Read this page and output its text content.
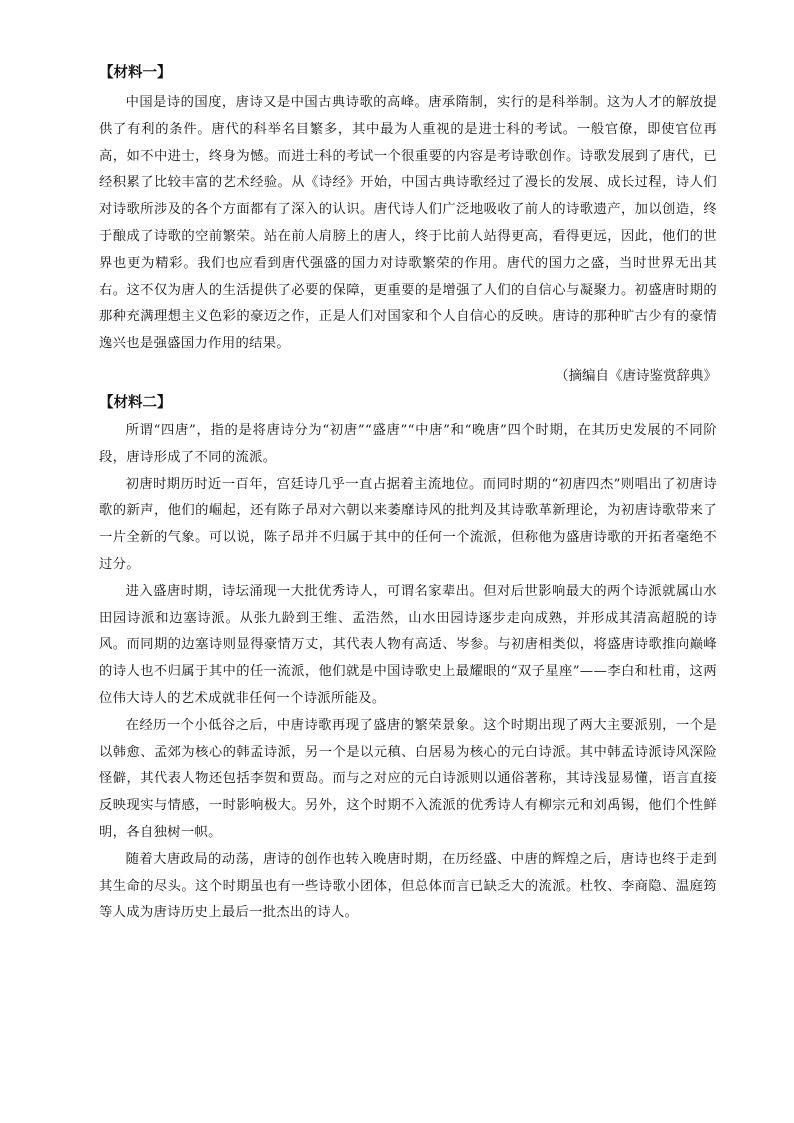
【材料一】

中国是诗的国度，唐诗又是中国古典诗歌的高峰。唐承隋制，实行的是科举制。这为人才的解放提供了有利的条件。唐代的科举名目繁多，其中最为人重视的是进士科的考试。一般官僚，即使官位再高，如不中进士，终身为憾。而进士科的考试一个很重要的内容是考诗歌创作。诗歌发展到了唐代，已经积累了比较丰富的艺术经验。从《诗经》开始，中国古典诗歌经过了漫长的发展、成长过程，诗人们对诗歌所涉及的各个方面都有了深入的认识。唐代诗人们广泛地吸收了前人的诗歌遗产，加以创造，终于酿成了诗歌的空前繁荣。站在前人肩膀上的唐人，终于比前人站得更高，看得更远，因此，他们的世界也更为精彩。我们也应看到唐代强盛的国力对诗歌繁荣的作用。唐代的国力之盛，当时世界无出其右。这不仅为唐人的生活提供了必要的保障，更重要的是增强了人们的自信心与凝聚力。初盛唐时期的那种充满理想主义色彩的豪迈之作，正是人们对国家和个人自信心的反映。唐诗的那种旷古少有的豪情逸兴也是强盛国力作用的结果。

（摘编自《唐诗鉴赏辞典》
【材料二】

所谓“四唐”，指的是将唐诗分为“初唐”“盛唐”“中唐”和“晚唐”四个时期，在其历史发展的不同阶段，唐诗形成了不同的流派。

初唐时期历时近一百年，宫廷诗几乎一直占据着主流地位。而同时期的“初唐四杰”则唱出了初唐诗歌的新声，他们的崛起，还有陈子昂对六朝以来萎靡诗风的批判及其诗歌革新理论，为初唐诗歌带来了一片全新的气象。可以说，陈子昂并不归属于其中的任何一个流派，但称他为盛唐诗歌的开拓者毫绝不过分。

进入盛唐时期，诗坛涌现一大批优秀诗人，可谓名家辈出。但对后世影响最大的两个诗派就属山水田园诗派和边塞诗派。从张九龄到王维、孟浩然，山水田园诗逐步走向成熟，并形成其清高超脱的诗风。而同期的边塞诗则显得豪情万丈，其代表人物有高适、岑参。与初唐相类似，将盛唐诗歌推向巅峰的诗人也不归属于其中的任一流派，他们就是中国诗歌史上最耀眼的“双子星座”——李白和杜甫，这两位伟大诗人的艺术成就非任何一个诗派所能及。

在经历一个小低谷之后，中唐诗歌再现了盛唐的繁荣景象。这个时期出现了两大主要派别，一个是以韩愈、孟郊为核心的韩孟诗派，另一个是以元稹、白居易为核心的元白诗派。其中韩孟诗派诗风深险怪僻，其代表人物还包括李贺和贾岛。而与之对应的元白诗派则以通俗著称，其诗浅显易懂，语言直接反映现实与情感，一时影响极大。另外，这个时期不入流派的优秀诗人有柳宗元和刘禹锡，他们个性鲜明，各自独树一帜。

随着大唐政局的动荡，唐诗的创作也转入晚唐时期，在历经盛、中唐的辉煌之后，唐诗也终于走到其生命的尽头。这个时期虽也有一些诗歌小团体，但总体而言已缺乏大的流派。杜牧、李商隐、温庭筠等人成为唐诗历史上最后一批杰出的诗人。
